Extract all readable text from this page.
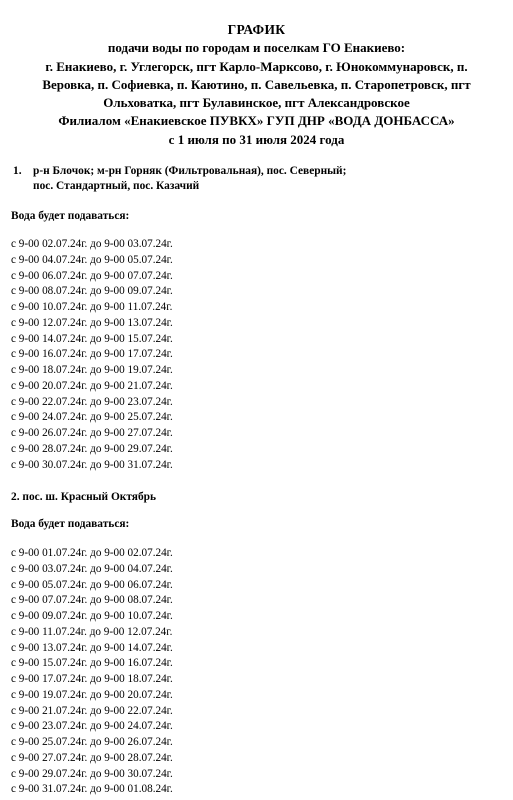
ГРАФИК
подачи воды по городам и поселкам ГО Енакиево:
г. Енакиево, г. Углегорск, пгт Карло-Марксово, г. Юнокоммунаровск, п.
Веровка, п. Софиевка, п. Каютино, п. Савельевка, п. Старопетровск, пгт
Ольховатка, пгт Булавинское, пгт Александровское
Филиалом «Енакиевское ПУВКХ» ГУП ДНР «ВОДА ДОНБАССА»
с 1 июля по 31 июля 2024 года
1. р-н Блочок; м-рн Горняк (Фильтровальная), пос. Северный;
пос. Стандартный, пос. Казачий
Вода будет подаваться:
с 9-00 02.07.24г. до 9-00 03.07.24г.
с 9-00 04.07.24г. до 9-00 05.07.24г.
с 9-00 06.07.24г. до 9-00 07.07.24г.
с 9-00 08.07.24г. до 9-00 09.07.24г.
с 9-00 10.07.24г. до 9-00 11.07.24г.
с 9-00 12.07.24г. до 9-00 13.07.24г.
с 9-00 14.07.24г. до 9-00 15.07.24г.
с 9-00 16.07.24г. до 9-00 17.07.24г.
с 9-00 18.07.24г. до 9-00 19.07.24г.
с 9-00 20.07.24г. до 9-00 21.07.24г.
с 9-00 22.07.24г. до 9-00 23.07.24г.
с 9-00 24.07.24г. до 9-00 25.07.24г.
с 9-00 26.07.24г. до 9-00 27.07.24г.
с 9-00 28.07.24г. до 9-00 29.07.24г.
с 9-00 30.07.24г. до 9-00 31.07.24г.
2. пос. ш. Красный Октябрь
Вода будет подаваться:
с 9-00 01.07.24г. до 9-00 02.07.24г.
с 9-00 03.07.24г. до 9-00 04.07.24г.
с 9-00 05.07.24г. до 9-00 06.07.24г.
с 9-00 07.07.24г. до 9-00 08.07.24г.
с 9-00 09.07.24г. до 9-00 10.07.24г.
с 9-00 11.07.24г. до 9-00 12.07.24г.
с 9-00 13.07.24г. до 9-00 14.07.24г.
с 9-00 15.07.24г. до 9-00 16.07.24г.
с 9-00 17.07.24г. до 9-00 18.07.24г.
с 9-00 19.07.24г. до 9-00 20.07.24г.
с 9-00 21.07.24г. до 9-00 22.07.24г.
с 9-00 23.07.24г. до 9-00 24.07.24г.
с 9-00 25.07.24г. до 9-00 26.07.24г.
с 9-00 27.07.24г. до 9-00 28.07.24г.
с 9-00 29.07.24г. до 9-00 30.07.24г.
с 9-00 31.07.24г. до 9-00 01.08.24г.
